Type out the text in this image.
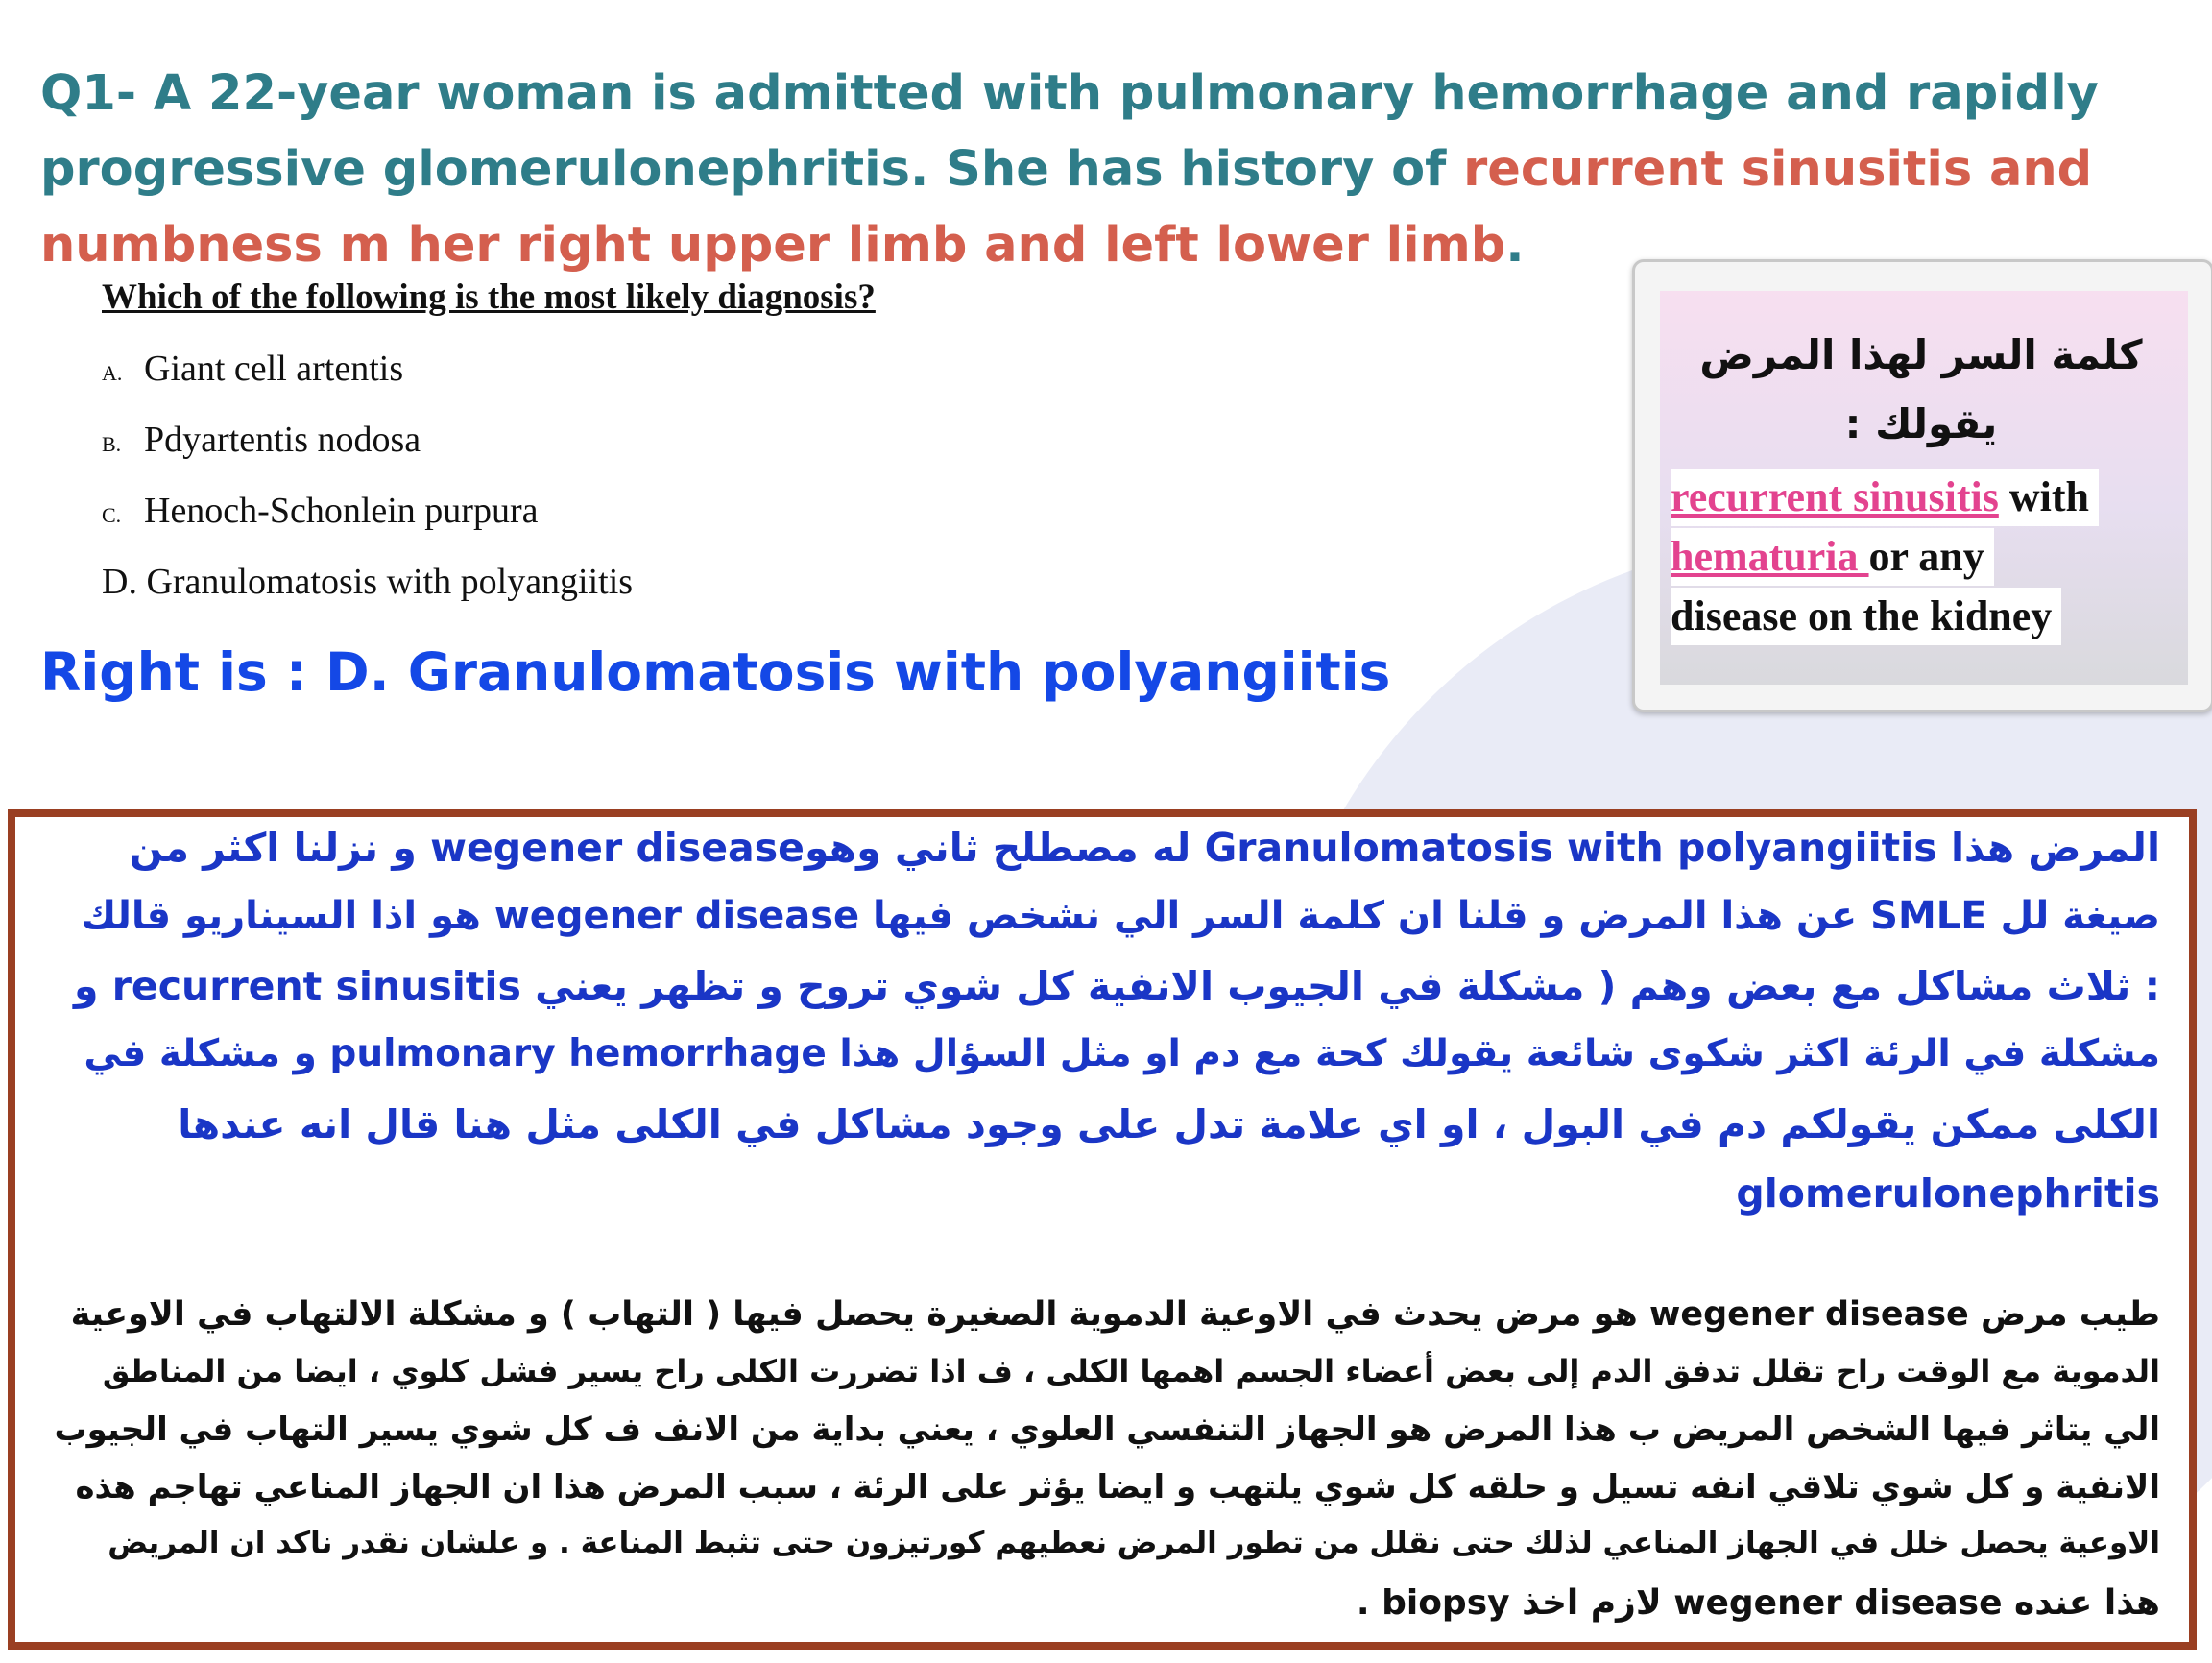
Q1- A 22-year woman is admitted with pulmonary hemorrhage and rapidly progressive glomerulonephritis. She has history of recurrent sinusitis and numbness m her right upper limb and left lower limb.

Which of the following is the most likely diagnosis?

A. Giant cell artentis
B. Pdyartentis nodosa
C. Henoch-Schonlein purpura
D. Granulomatosis with polyangiitis
Right is : D. Granulomatosis with polyangiitis
كلمة السر لهذا المرض يقولك :
recurrent sinusitis with
hematuria or any
disease on the kidney
المرض هذا Granulomatosis with polyangiitis له مصطلح ثاني وهوwegener disease و نزلنا اكثر من
صيغة لل SMLE عن هذا المرض و قلنا ان كلمة السر الي نشخص فيها wegener disease هو اذا السيناريو قالك
: ثلاث مشاكل مع بعض وهم ( مشكلة في الجيوب الانفية كل شوي تروح و تظهر يعني recurrent sinusitis و
مشكلة في الرئة اكثر شكوى شائعة يقولك كحة مع دم او مثل السؤال هذا pulmonary hemorrhage و مشكلة في
الكلى ممكن يقولكم دم في البول ، او اي علامة تدل على وجود مشاكل في الكلى مثل هنا قال انه عندها
glomerulonephritis
طيب مرض wegener disease هو مرض يحدث في الاوعية الدموية الصغيرة يحصل فيها ( التهاب ) و مشكلة الالتهاب في الاوعية
الدموية مع الوقت راح تقلل تدفق الدم إلى بعض أعضاء الجسم اهمها الكلى ، ف اذا تضررت الكلى راح يسير فشل كلوي ، ايضا من المناطق
الي يتاثر فيها الشخص المريض ب هذا المرض هو الجهاز التنفسي العلوي ، يعني بداية من الانف ف كل شوي يسير التهاب في الجيوب
الانفية و كل شوي تلاقي انفه تسيل و حلقه كل شوي يلتهب و ايضا يؤثر على الرئة ، سبب المرض هذا ان الجهاز المناعي تهاجم هذه
الاوعية يحصل خلل في الجهاز المناعي لذلك حتى نقلل من تطور المرض نعطيهم كورتيزون حتى تثبط المناعة . و علشان نقدر ناكد ان المريض
هذا عنده wegener disease لازم اخذ biopsy .
